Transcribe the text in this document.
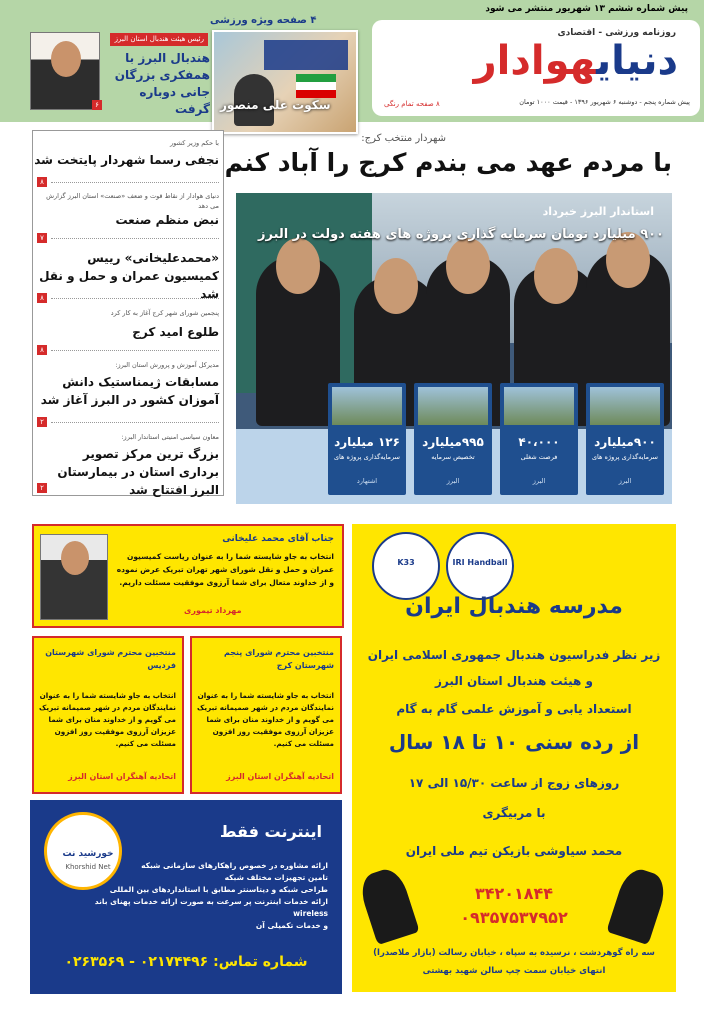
پیش شماره ششم ۱۳ شهریور منتشر می شود
روزنامه ورزشی - اقتصادی
دنیایهوادار
پیش شماره پنجم - دوشنبه ۶ شهریور ۱۳۹۶ - قیمت ۱۰۰۰ تومان
۸ صفحه تمام رنگی
۴ صفحه ویژه ورزشی
سکوت علی منصور
رئیس هیئت هندبال استان البرز
هندبال البرز با همفکری بزرگان جانی دوباره گرفت
۶
با حکم وزیر کشور
نجفی رسما شهردار پایتخت شد
۸
دنیای هوادار از نقاط قوت و ضعف «صنعت» استان البرز گزارش می دهد
نبض منظم صنعت
۷
«محمدعلیخانی» رییس کمیسیون عمران و حمل و نقل شد
۸
پنجمین شورای شهر کرج آغاز به کار کرد
طلوع امید کرج
۸
مدیرکل آموزش و پرورش استان البرز:
مسابقات ژیمناستیک دانش آموزان کشور در البرز آغاز شد
۲
معاون سیاسی امنیتی استاندار البرز:
بزرگ ترین مرکز تصویر برداری استان در بیمارستان البرز افتتاح شد
۲
شهردار منتخب کرج:
با مردم عهد می بندم کرج را آباد کنم
استاندار البرز خبرداد
۹۰۰ میلیارد تومان سرمایه گذاری پروژه های هفته دولت در البرز
۹۰۰میلیارد
سرمایه‌گذاری پروژه‌ های
البرز
۴۰،۰۰۰
فرصت شغلی
البرز
۹۹۵میلیارد
تخصیص سرمایه
البرز
۱۲۶ میلیارد
سرمایه‌گذاری پروژه های
اشتهارد
جناب آقای محمد علیخانی
انتخاب به جاو شایسته شما را به عنوان ریاست کمیسیون عمران و حمل و نقل شورای شهر تهران تبریک عرض نموده و از خداوند متعال برای شما آرزوی موفقیت مسئلت داریم.
مهرداد تیموری
منتخبین محترم شورای پنجم شهرستان کرج
انتخاب به جاو شایسته شما را به عنوان نمایندگان مردم در شهر صمیمانه تبریک می گویم و از خداوند منان برای شما عزیزان آرزوی موفقیت روز افزون مسئلت می کنیم.
اتحادیه آهنگران استان البرز
منتخبین محترم شورای شهرستان فردیس
انتخاب به جاو شایسته شما را به عنوان نمایندگان مردم در شهر صمیمانه تبریک می گویم و از خداوند منان برای شما عزیزان آرزوی موفقیت روز افزون مسئلت می کنیم.
اتحادیه آهنگران استان البرز
اینترنت فقط
خورشید نت
Khorshid Net	ارائه مشاوره در خصوص راهکارهای سازمانی شبکه
تامین تجهیزات مختلف شبکه
طراحی شبکه و دیتاسنتر مطابق با استانداردهای بین المللی
ارائه خدمات اینترنت پر سرعت به صورت ارائه خدمات پهنای باند wireless
و خدمات تکمیلی آن
شماره تماس: ۰۲۱۷۴۴۹۶ - ۰۲۶۳۵۶۹
K33	IRI Handball
مدرسه هندبال ایران
زیر نظر فدراسیون هندبال جمهوری اسلامی ایران
و هیئت هندبال استان البرز
استعداد یابی و آموزش علمی گام به گام
از رده سنی ۱۰ تا ۱۸ سال
روزهای زوج از ساعت ۱۵/۳۰ الی ۱۷
با مربیگری
محمد سیاوشی بازیکن تیم ملی ایران
۳۴۲۰۱۸۴۴
۰۹۳۵۷۵۳۷۹۵۲
سه راه گوهردشت ، نرسیده به سپاه ، خیابان رسالت (بازار ملاصدرا)
انتهای خیابان سمت چپ سالن شهید بهشتی
